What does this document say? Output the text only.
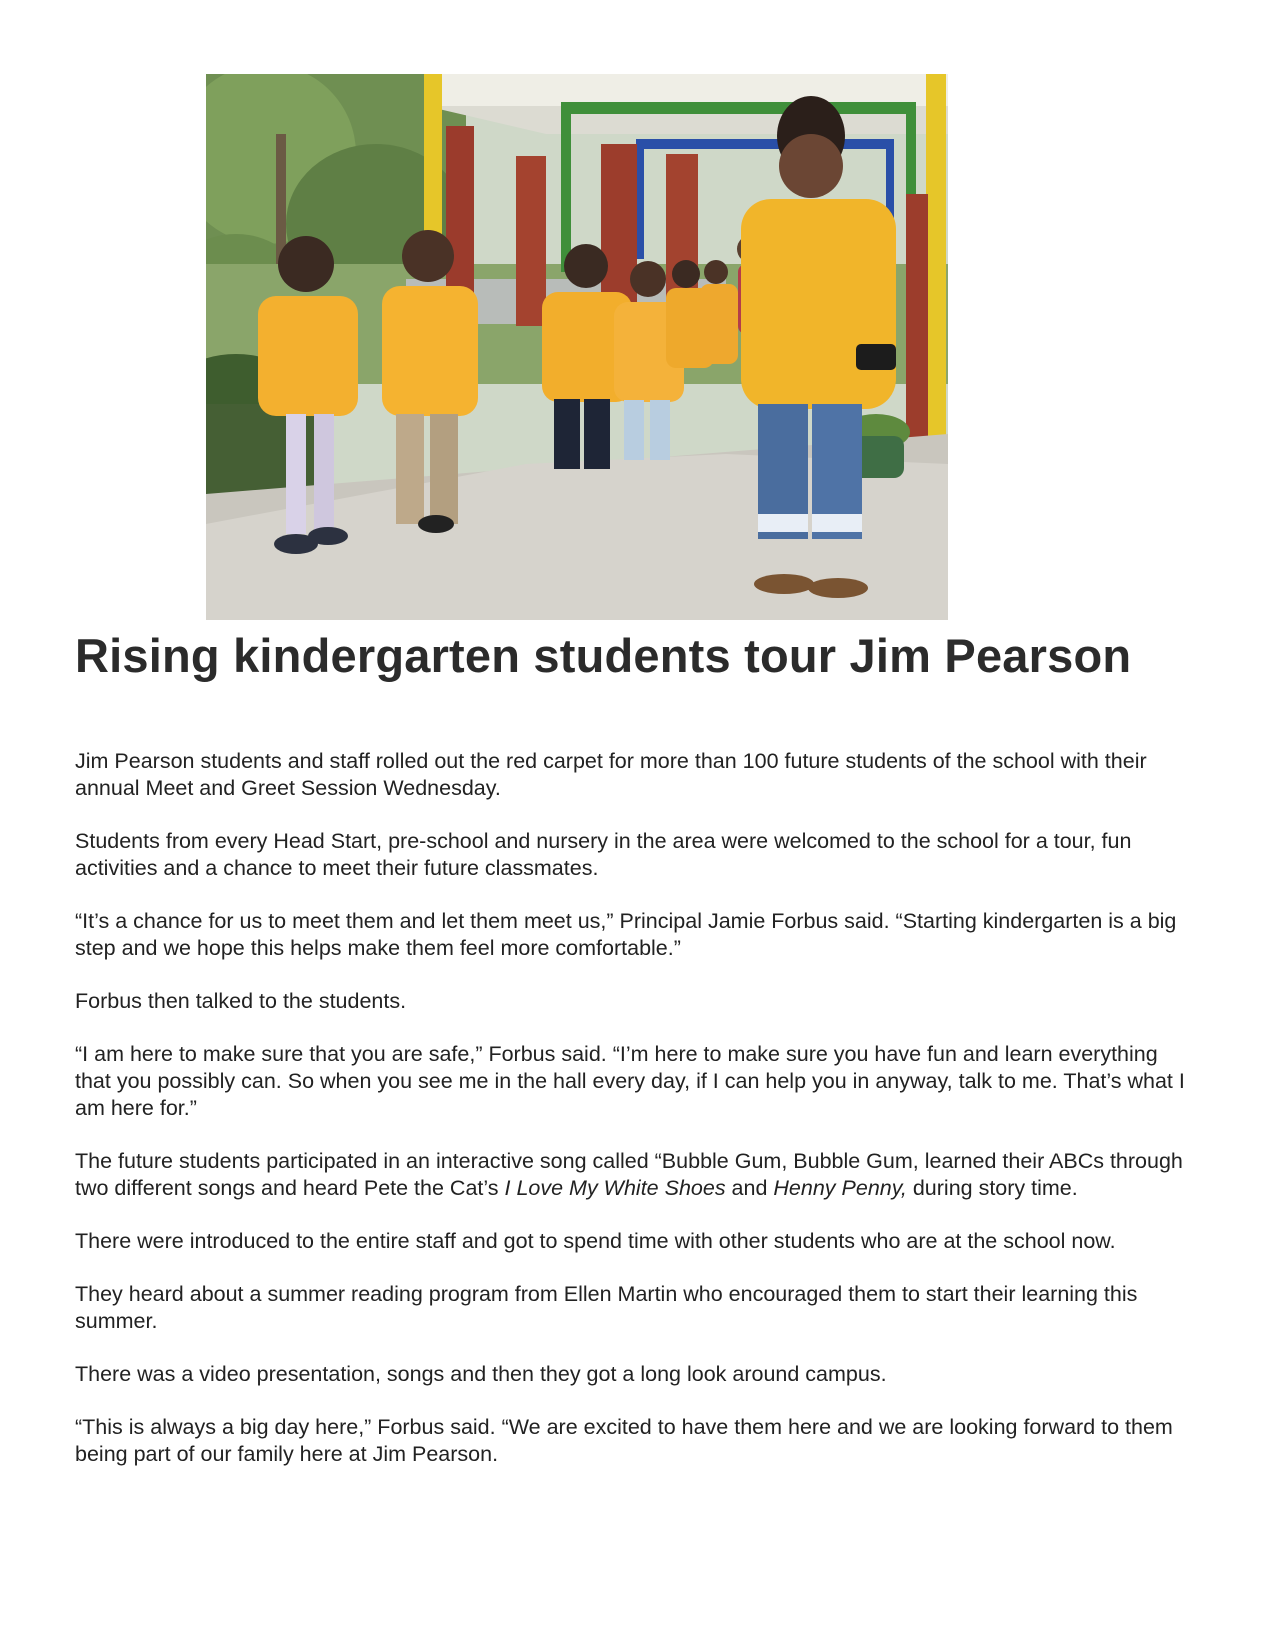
Rising kindergarten students tour Jim Pearson

Jim Pearson students and staff rolled out the red carpet for more than 100 future students of the school with their annual Meet and Greet Session Wednesday.

Students from every Head Start, pre-school and nursery in the area were welcomed to the school for a tour, fun activities and a chance to meet their future classmates.

“It’s a chance for us to meet them and let them meet us,” Principal Jamie Forbus said. “Starting kindergarten is a big step and we hope this helps make them feel more comfortable.”

Forbus then talked to the students.

“I am here to make sure that you are safe,” Forbus said. “I’m here to make sure you have fun and learn everything that you possibly can. So when you see me in the hall every day, if I can help you in anyway, talk to me. That’s what I am here for.”

The future students participated in an interactive song called “Bubble Gum, Bubble Gum, learned their ABCs through two different songs and heard Pete the Cat’s I Love My White Shoes and Henny Penny, during story time.

There were introduced to the entire staff and got to spend time with other students who are at the school now.

They heard about a summer reading program from Ellen Martin who encouraged them to start their learning this summer.

There was a video presentation, songs and then they got a long look around campus.

“This is always a big day here,” Forbus said. “We are excited to have them here and we are looking forward to them being part of our family here at Jim Pearson.
